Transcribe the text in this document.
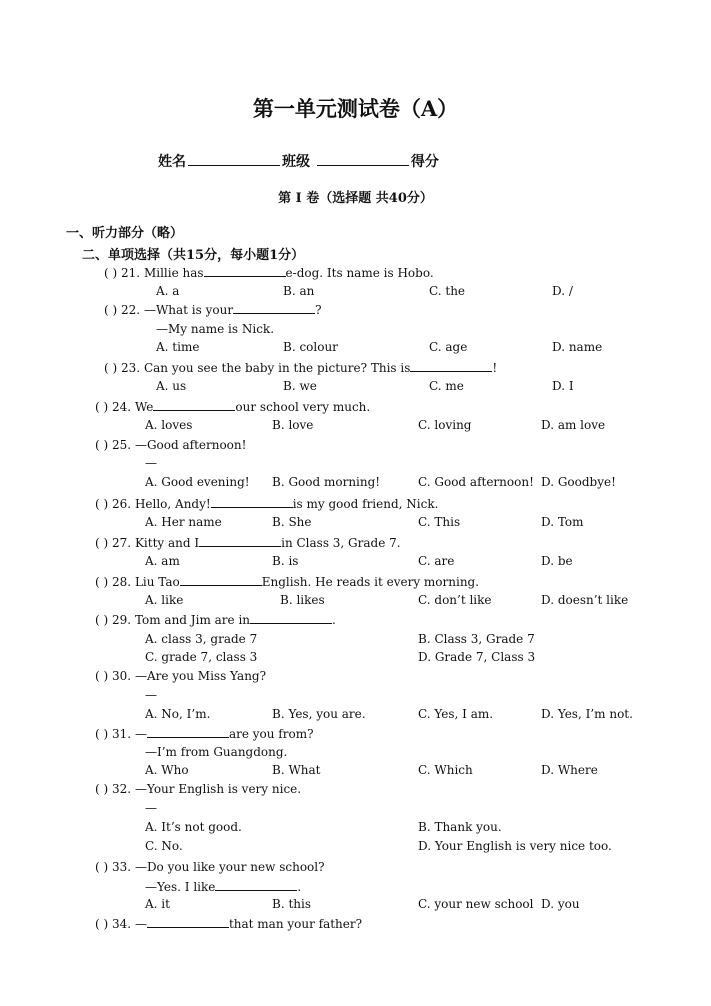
第一单元测试卷（A）
姓名	班级	得分
第 I 卷（选择题 共40分）
一、听力部分（略）
二、单项选择（共15分，每小题1分）
( ) 21. Millie has	e-dog. Its name is Hobo.
A. a	B. an	C. the	D. /
( ) 22. —What is your	?
—My name is Nick.
A. time	B. colour	C. age	D. name
( ) 23. Can you see the baby in the picture? This is	!
A. us	B. we	C. me	D. I
( ) 24. We	our school very much.
A. loves	B. love	C. loving	D. am love
( ) 25. —Good afternoon!
—
A. Good evening! B. Good morning!	C. Good afternoon! D. Goodbye!
( ) 26. Hello, Andy!	is my good friend, Nick.
A. Her name	B. She	C. This	D. Tom
( ) 27. Kitty and I	in Class 3, Grade 7.
A. am	B. is	C. are	D. be
( ) 28. Liu Tao	English. He reads it every morning.
A. like	B. likes	C. don’t like	D. doesn’t like
( ) 29. Tom and Jim are in	.
A. class 3, grade 7	B. Class 3, Grade 7
C. grade 7, class 3	D. Grade 7, Class 3
( ) 30. —Are you Miss Yang?
—
A. No, I’m.	B. Yes, you are.	C. Yes, I am.	D. Yes, I’m not.
( ) 31. —	are you from?
—I’m from Guangdong.
A. Who	B. What	C. Which	D. Where
( ) 32. —Your English is very nice.
—
A. It’s not good.	B. Thank you.
C. No.	D. Your English is very nice too.
( ) 33. —Do you like your new school?
—Yes. I like	.
A. it	B. this	C. your new school D. you
( ) 34. —	that man your father?
